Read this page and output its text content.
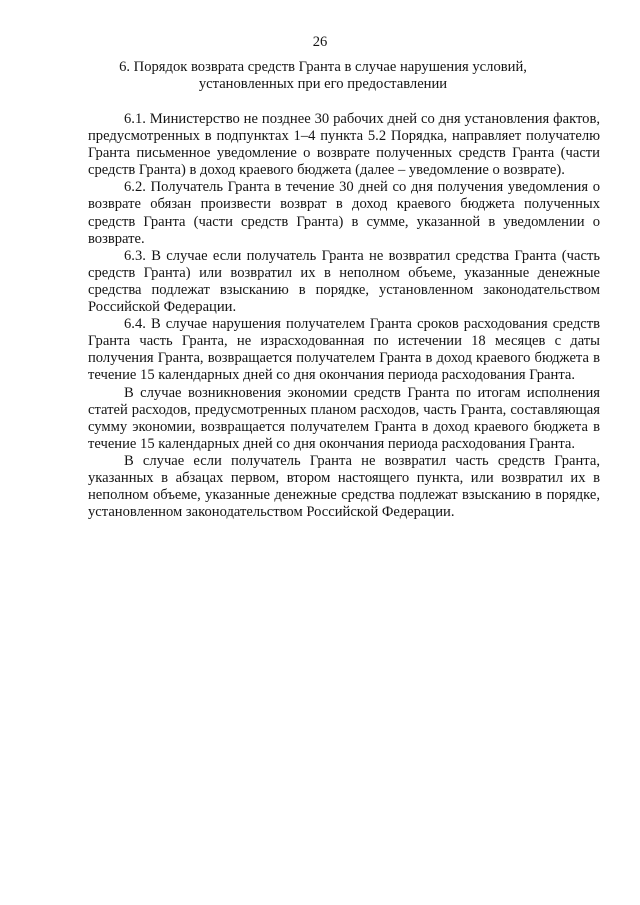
26
6. Порядок возврата средств Гранта в случае нарушения условий,
установленных при его предоставлении

6.1. Министерство не позднее 30 рабочих дней со дня установления фактов, предусмотренных в подпунктах 1–4 пункта 5.2 Порядка, направляет получателю Гранта письменное уведомление о возврате полученных средств Гранта (части средств Гранта) в доход краевого бюджета (далее – уведомление о возврате).

6.2. Получатель Гранта в течение 30 дней со дня получения уведомления о возврате обязан произвести возврат в доход краевого бюджета полученных средств Гранта (части средств Гранта) в сумме, указанной в уведомлении о возврате.

6.3. В случае если получатель Гранта не возвратил средства Гранта (часть средств Гранта) или возвратил их в неполном объеме, указанные денежные средства подлежат взысканию в порядке, установленном законодательством Российской Федерации.

6.4. В случае нарушения получателем Гранта сроков расходования средств Гранта часть Гранта, не израсходованная по истечении 18 месяцев с даты получения Гранта, возвращается получателем Гранта в доход краевого бюджета в течение 15 календарных дней со дня окончания периода расходования Гранта.

В случае возникновения экономии средств Гранта по итогам исполнения статей расходов, предусмотренных планом расходов, часть Гранта, составляющая сумму экономии, возвращается получателем Гранта в доход краевого бюджета в течение 15 календарных дней со дня окончания периода расходования Гранта.

В случае если получатель Гранта не возвратил часть средств Гранта, указанных в абзацах первом, втором настоящего пункта, или возвратил их в неполном объеме, указанные денежные средства подлежат взысканию в порядке, установленном законодательством Российской Федерации.
